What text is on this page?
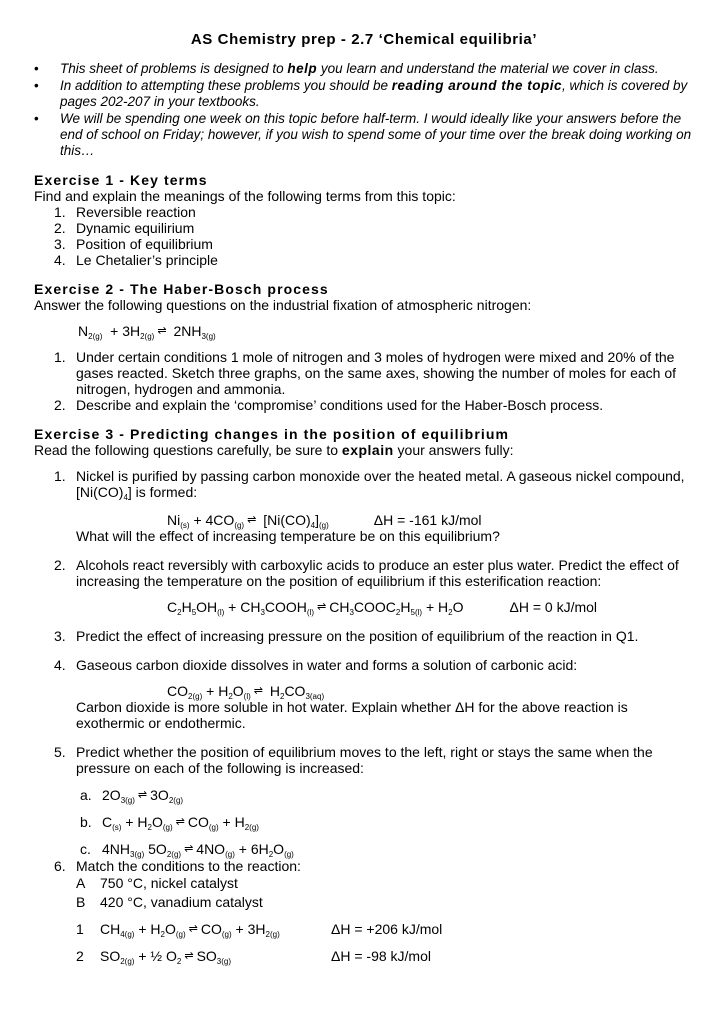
AS Chemistry prep - 2.7 ‘Chemical equilibria’
• This sheet of problems is designed to help you learn and understand the material we cover in class.
• In addition to attempting these problems you should be reading around the topic, which is covered by pages 202-207 in your textbooks.
• We will be spending one week on this topic before half-term. I would ideally like your answers before the end of school on Friday; however, if you wish to spend some of your time over the break doing working on this…
Exercise 1 - Key terms
Find and explain the meanings of the following terms from this topic:
1. Reversible reaction
2. Dynamic equilirium
3. Position of equilibrium
4. Le Chetalier’s principle
Exercise 2 - The Haber-Bosch process
Answer the following questions on the industrial fixation of atmospheric nitrogen:
$N_{2(g)} + 3H_{2(g)}$ ⇌ $2NH_{3(g)}$
1. Under certain conditions 1 mole of nitrogen and 3 moles of hydrogen were mixed and 20% of the gases reacted. Sketch three graphs, on the same axes, showing the number of moles for each of nitrogen, hydrogen and ammonia.
2. Describe and explain the ‘compromise’ conditions used for the Haber-Bosch process.
Exercise 3 - Predicting changes in the position of equilibrium
Read the following questions carefully, be sure to explain your answers fully:
1. Nickel is purified by passing carbon monoxide over the heated metal. A gaseous nickel compound, $[Ni(CO)_4]$ is formed:
$Ni_{(s)} + 4CO_{(g)}$ ⇌ $[Ni(CO)_4]_{(g)}$	ΔH = -161 kJ/mol
What will the effect of increasing temperature be on this equilibrium?
2. Alcohols react reversibly with carboxylic acids to produce an ester plus water. Predict the effect of increasing the temperature on the position of equilibrium if this esterification reaction:
$C_2H_5OH_{(l)}$ + $CH_3COOH_{(l)}$ ⇌ $CH_3COOC_2H_{5(l)} + H_2O$	ΔH = 0 kJ/mol
3. Predict the effect of increasing pressure on the position of equilibrium of the reaction in Q1.
4. Gaseous carbon dioxide dissolves in water and forms a solution of carbonic acid:
$CO_{2(g)} + H_2O_{(l)}$ ⇌ $H_2CO_{3(aq)}$
Carbon dioxide is more soluble in hot water. Explain whether ΔH for the above reaction is exothermic or endothermic.
5. Predict whether the position of equilibrium moves to the left, right or stays the same when the pressure on each of the following is increased:
a. $2O_{3(g)}$ ⇌ $3O_{2(g)}$
b. $C_{(s)} + H_2O_{(g)}$ ⇌ $CO_{(g)} + H_{2(g)}$
c. $4NH_{3(g)}$ $5O_{2(g)}$ ⇌ $4NO_{(g)} + 6H_2O_{(g)}$
6. Match the conditions to the reaction:
A 750 °C, nickel catalyst
B 420 °C, vanadium catalyst
1 $CH_{4(g)} + H_2O_{(g)}$ ⇌ $CO_{(g)} + 3H_{2(g)}$	ΔH = +206 kJ/mol
2 $SO_{2(g)}$ + ½ $O_2$ ⇌ $SO_{3(g)}$	ΔH = -98 kJ/mol
